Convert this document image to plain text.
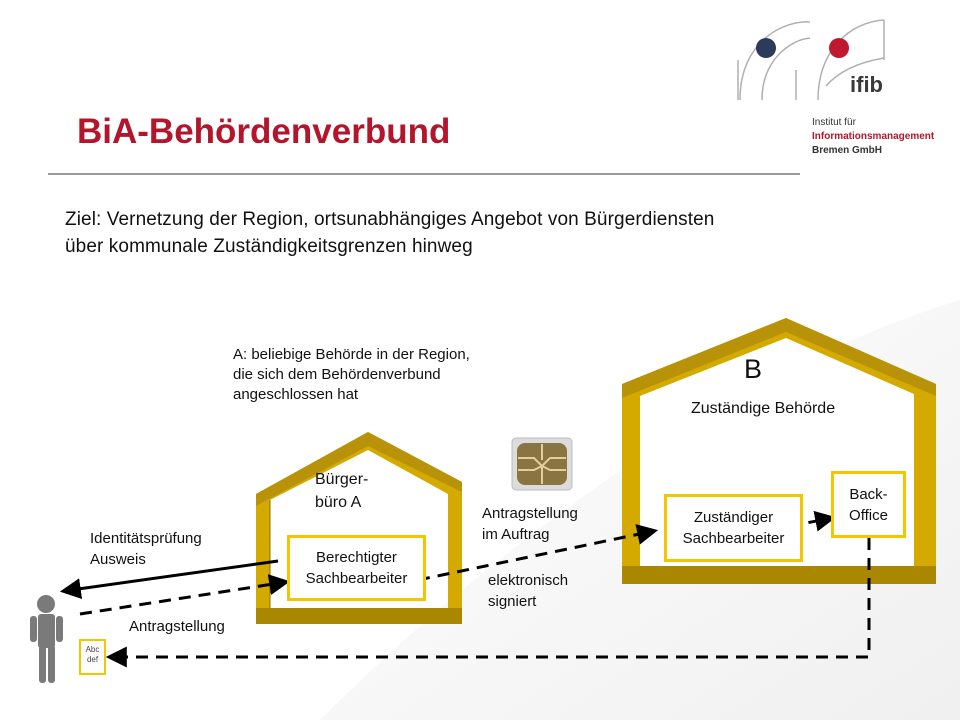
BiA-Behördenverbund
Ziel: Vernetzung der Region, ortsunabhängiges Angebot von Bürgerdiensten
über kommunale Zuständigkeitsgrenzen hinweg
A: beliebige Behörde in der Region,
die sich dem Behördenverbund
angeschlossen hat
Bürger-
büro A
Berechtigter
Sachbearbeiter
B
Zuständige Behörde
Zuständiger
Sachbearbeiter
Back-
Office
Identitätsprüfung
Ausweis
Antragstellung
Antragstellung
im Auftrag
elektronisch
signiert
Abc
def
ifib
Institut für
Informationsmanagement
Bremen GmbH
